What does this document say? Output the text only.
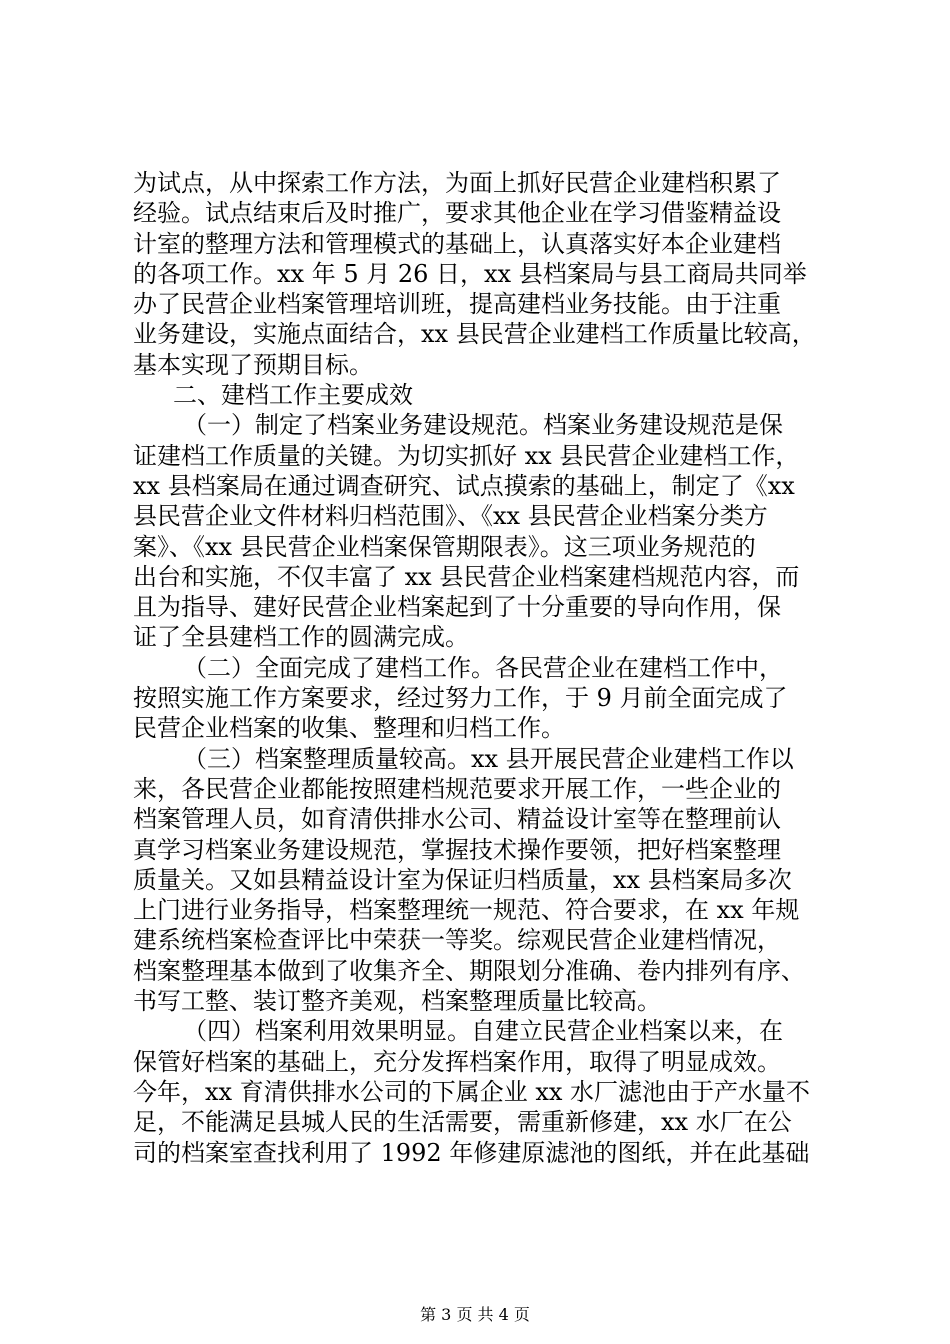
为试点，从中探索工作方法，为面上抓好民营企业建档积累了
经验。试点结束后及时推广，要求其他企业在学习借鉴精益设
计室的整理方法和管理模式的基础上，认真落实好本企业建档
的各项工作。xx 年 5 月 26 日，xx 县档案局与县工商局共同举
办了民营企业档案管理培训班，提高建档业务技能。由于注重
业务建设，实施点面结合，xx 县民营企业建档工作质量比较高，
基本实现了预期目标。
二、建档工作主要成效
（一）制定了档案业务建设规范。档案业务建设规范是保
证建档工作质量的关键。为切实抓好 xx 县民营企业建档工作，
xx 县档案局在通过调查研究、试点摸索的基础上，制定了《xx
县民营企业文件材料归档范围》、《xx 县民营企业档案分类方
案》、《xx 县民营企业档案保管期限表》。这三项业务规范的
出台和实施，不仅丰富了 xx 县民营企业档案建档规范内容，而
且为指导、建好民营企业档案起到了十分重要的导向作用，保
证了全县建档工作的圆满完成。
（二）全面完成了建档工作。各民营企业在建档工作中，
按照实施工作方案要求，经过努力工作，于 9 月前全面完成了
民营企业档案的收集、整理和归档工作。
（三）档案整理质量较高。xx 县开展民营企业建档工作以
来，各民营企业都能按照建档规范要求开展工作，一些企业的
档案管理人员，如育清供排水公司、精益设计室等在整理前认
真学习档案业务建设规范，掌握技术操作要领，把好档案整理
质量关。又如县精益设计室为保证归档质量，xx 县档案局多次
上门进行业务指导，档案整理统一规范、符合要求，在 xx 年规
建系统档案检查评比中荣获一等奖。综观民营企业建档情况，
档案整理基本做到了收集齐全、期限划分准确、卷内排列有序、
书写工整、装订整齐美观，档案整理质量比较高。
（四）档案利用效果明显。自建立民营企业档案以来，在
保管好档案的基础上，充分发挥档案作用，取得了明显成效。
今年，xx 育清供排水公司的下属企业 xx 水厂滤池由于产水量不
足，不能满足县城人民的生活需要，需重新修建，xx 水厂在公
司的档案室查找利用了 1992 年修建原滤池的图纸，并在此基础
第 3 页 共 4 页
